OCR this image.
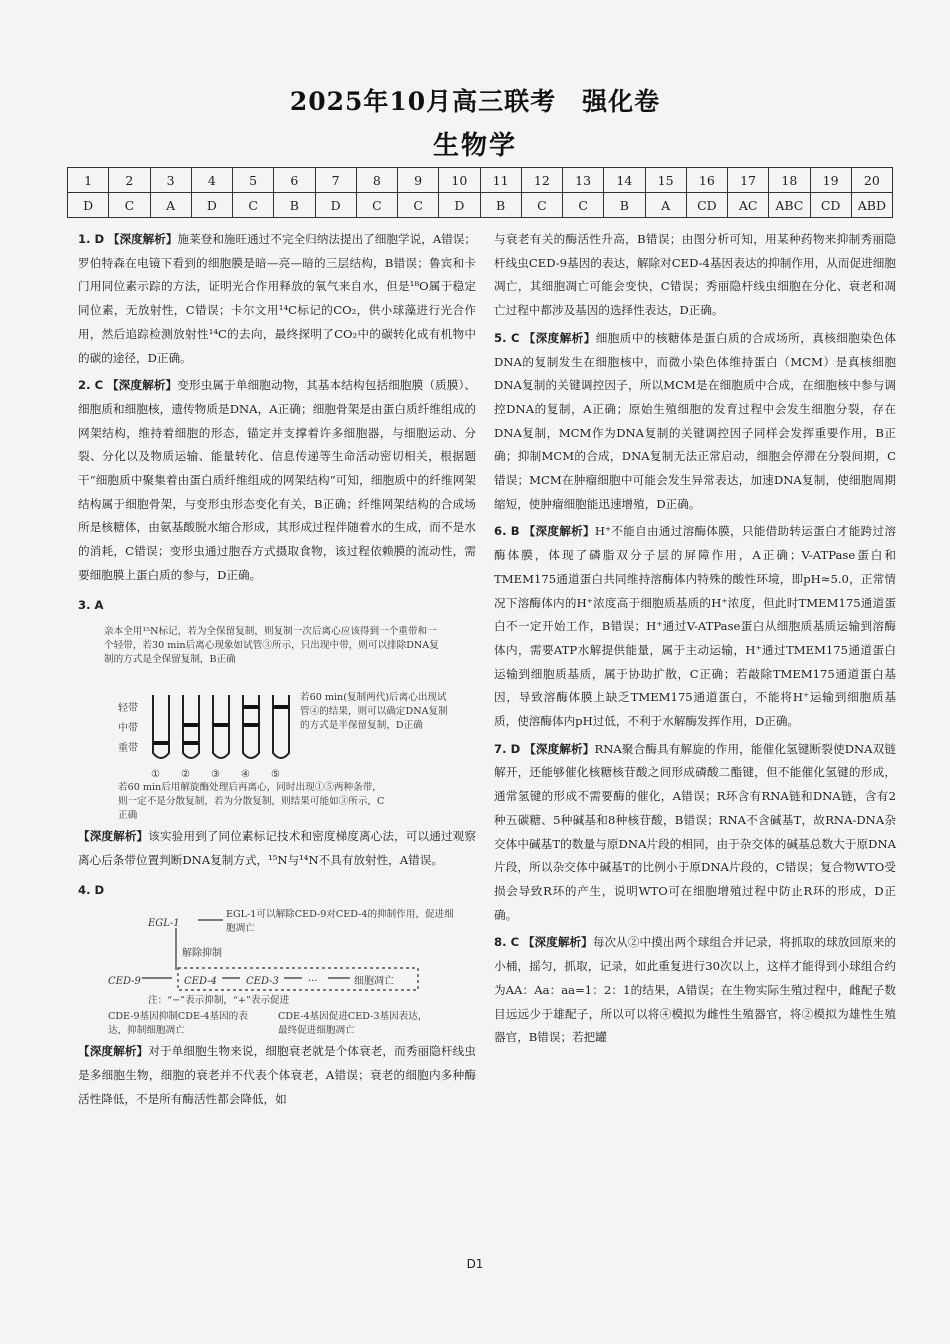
2025年10月高三联考　强化卷
生物学
1	2	3	4	5	6	7	8	9	10	11	12	13	14	15	16	17	18	19	20
D	C	A	D	C	B	D	C	C	D	B	C	C	B	A	CD	AC	ABC	CD	ABD

1. D 【深度解析】施莱登和施旺通过不完全归纳法提出了细胞学说，A错误；罗伯特森在电镜下看到的细胞膜是暗—亮—暗的三层结构，B错误；鲁宾和卡门用同位素示踪的方法，证明光合作用释放的氧气来自水，但是¹⁸O属于稳定同位素，无放射性，C错误；卡尔文用¹⁴C标记的CO₂，供小球藻进行光合作用，然后追踪检测放射性¹⁴C的去向，最终探明了CO₂中的碳转化成有机物中的碳的途径，D正确。

2. C 【深度解析】变形虫属于单细胞动物，其基本结构包括细胞膜（质膜）、细胞质和细胞核，遗传物质是DNA，A正确；细胞骨架是由蛋白质纤维组成的网架结构，维持着细胞的形态，锚定并支撑着许多细胞器，与细胞运动、分裂、分化以及物质运输、能量转化、信息传递等生命活动密切相关，根据题干“细胞质中聚集着由蛋白质纤维组成的网架结构”可知，细胞质中的纤维网架结构属于细胞骨架，与变形虫形态变化有关，B正确；纤维网架结构的合成场所是核糖体，由氨基酸脱水缩合形成，其形成过程伴随着水的生成，而不是水的消耗，C错误；变形虫通过胞吞方式摄取食物，该过程依赖膜的流动性，需要细胞膜上蛋白质的参与，D正确。

3. A
亲本全用¹⁵N标记，若为全保留复制，则复制一次后离心应该得到一个重带和一个轻带，若30 min后离心现象如试管③所示，只出现中带，则可以排除DNA复制的方式是全保留复制，B正确
轻带
中带
重带
① ② ③ ④ ⑤
若60 min(复制两代)后离心出现试管④的结果，则可以确定DNA复制的方式是半保留复制，D正确
若60 min后用解旋酶处理后再离心，同时出现①⑤两种条带，则一定不是分散复制，若为分散复制，则结果可能如③所示，C正确

【深度解析】该实验用到了同位素标记技术和密度梯度离心法，可以通过观察离心后条带位置判断DNA复制方式，¹⁵N与¹⁴N不具有放射性，A错误。

4. D
EGL-1
EGL-1可以解除CED-9对CED-4的抑制作用，促进细胞凋亡
解除抑制
CED-9	CED-4	CED-3	···	细胞凋亡
注：“−”表示抑制，“+”表示促进
CDE-9基因抑制CDE-4基因的表达，抑制细胞凋亡
CDE-4基因促进CED-3基因表达，最终促进细胞凋亡

【深度解析】对于单细胞生物来说，细胞衰老就是个体衰老，而秀丽隐杆线虫是多细胞生物，细胞的衰老并不代表个体衰老，A错误；衰老的细胞内多种酶活性降低，不是所有酶活性都会降低，如

与衰老有关的酶活性升高，B错误；由图分析可知，用某种药物来抑制秀丽隐杆线虫CED-9基因的表达，解除对CED-4基因表达的抑制作用，从而促进细胞凋亡，其细胞凋亡可能会变快，C错误；秀丽隐杆线虫细胞在分化、衰老和凋亡过程中都涉及基因的选择性表达，D正确。

5. C 【深度解析】细胞质中的核糖体是蛋白质的合成场所，真核细胞染色体DNA的复制发生在细胞核中，而微小染色体维持蛋白（MCM）是真核细胞DNA复制的关键调控因子，所以MCM是在细胞质中合成，在细胞核中参与调控DNA的复制，A正确；原始生殖细胞的发育过程中会发生细胞分裂，存在DNA复制，MCM作为DNA复制的关键调控因子同样会发挥重要作用，B正确；抑制MCM的合成，DNA复制无法正常启动，细胞会停滞在分裂间期，C错误；MCM在肿瘤细胞中可能会发生异常表达，加速DNA复制，使细胞周期缩短，使肿瘤细胞能迅速增殖，D正确。

6. B 【深度解析】H⁺不能自由通过溶酶体膜，只能借助转运蛋白才能跨过溶酶体膜，体现了磷脂双分子层的屏障作用，A正确；V-ATPase蛋白和TMEM175通道蛋白共同维持溶酶体内特殊的酸性环境，即pH≈5.0，正常情况下溶酶体内的H⁺浓度高于细胞质基质的H⁺浓度，但此时TMEM175通道蛋白不一定开始工作，B错误；H⁺通过V-ATPase蛋白从细胞质基质运输到溶酶体内，需要ATP水解提供能量，属于主动运输，H⁺通过TMEM175通道蛋白运输到细胞质基质，属于协助扩散，C正确；若敲除TMEM175通道蛋白基因，导致溶酶体膜上缺乏TMEM175通道蛋白，不能将H⁺运输到细胞质基质，使溶酶体内pH过低，不利于水解酶发挥作用，D正确。

7. D 【深度解析】RNA聚合酶具有解旋的作用，能催化氢键断裂使DNA双链解开，还能够催化核糖核苷酸之间形成磷酸二酯键，但不能催化氢键的形成，通常氢键的形成不需要酶的催化，A错误；R环含有RNA链和DNA链，含有2种五碳糖、5种碱基和8种核苷酸，B错误；RNA不含碱基T，故RNA-DNA杂交体中碱基T的数量与原DNA片段的相同，由于杂交体的碱基总数大于原DNA片段，所以杂交体中碱基T的比例小于原DNA片段的，C错误；复合物WTO受损会导致R环的产生，说明WTO可在细胞增殖过程中防止R环的形成，D正确。

8. C 【深度解析】每次从②中摸出两个球组合并记录，将抓取的球放回原来的小桶，摇匀，抓取，记录，如此重复进行30次以上，这样才能得到小球组合约为AA：Aa：aa=1：2：1的结果，A错误；在生物实际生殖过程中，雌配子数目远远少于雄配子，所以可以将④模拟为雌性生殖器官，将②模拟为雄性生殖器官，B错误；若把罐

D1
